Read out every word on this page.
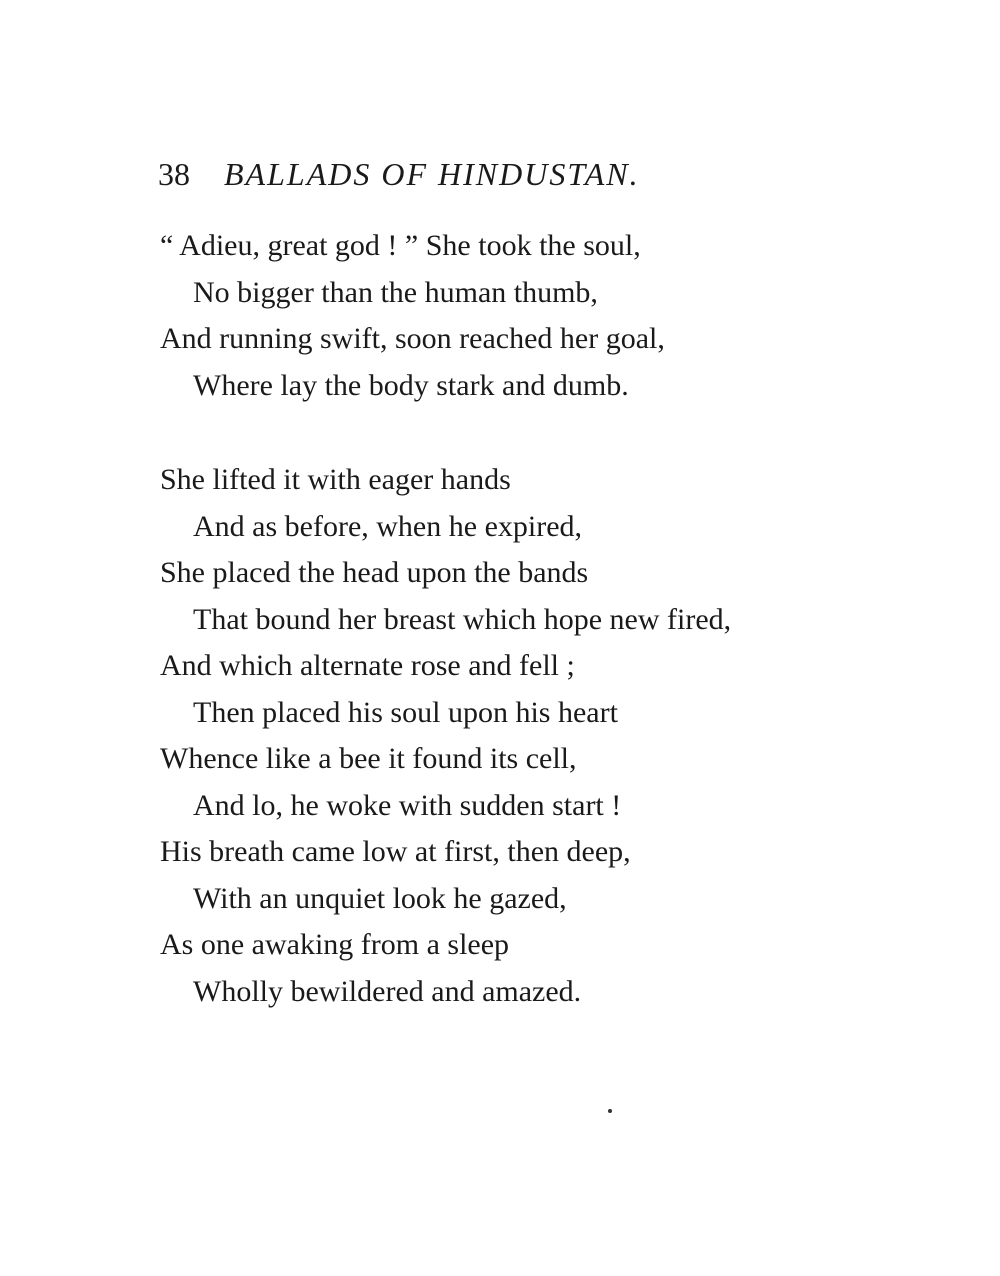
38 BALLADS OF HINDUSTAN.
“ Adieu, great god ! ” She took the soul,
No bigger than the human thumb,
And running swift, soon reached her goal,
Where lay the body stark and dumb.
She lifted it with eager hands
And as before, when he expired,
She placed the head upon the bands
That bound her breast which hope new fired,
And which alternate rose and fell ;
Then placed his soul upon his heart
Whence like a bee it found its cell,
And lo, he woke with sudden start !
His breath came low at first, then deep,
With an unquiet look he gazed,
As one awaking from a sleep
Wholly bewildered and amazed.
